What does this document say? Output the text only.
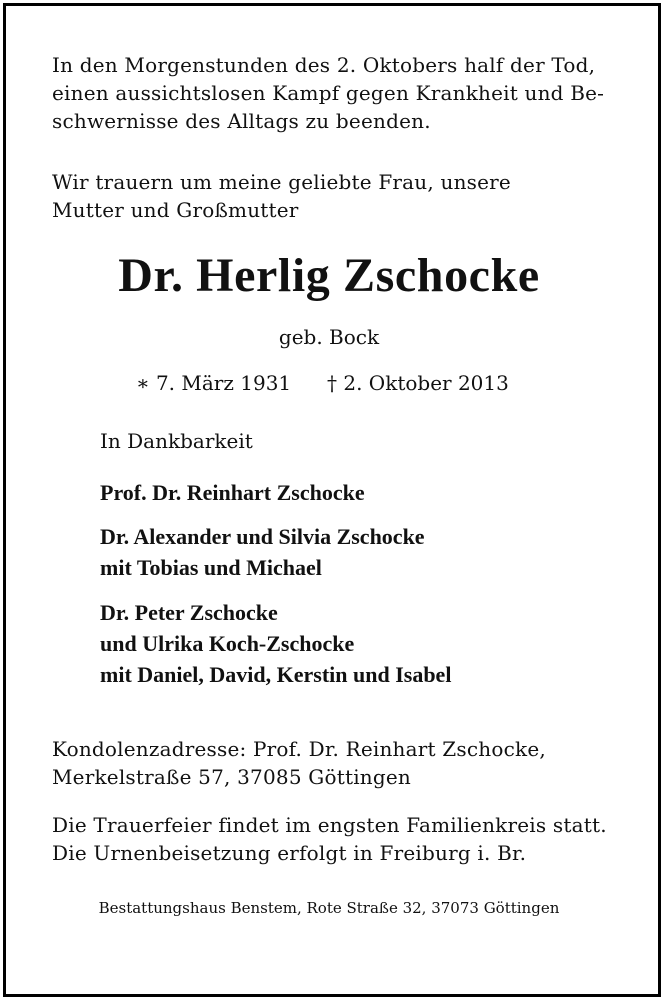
In den Morgenstunden des 2. Oktobers half der Tod,
einen aussichtslosen Kampf gegen Krankheit und Be-
schwernisse des Alltags zu beenden.

Wir trauern um meine geliebte Frau, unsere
Mutter und Großmutter

Dr. Herlig Zschocke

geb. Bock

∗ 7. März 1931 † 2. Oktober 2013

In Dankbarkeit

Prof. Dr. Reinhart Zschocke

Dr. Alexander und Silvia Zschocke
mit Tobias und Michael

Dr. Peter Zschocke
und Ulrika Koch-Zschocke
mit Daniel, David, Kerstin und Isabel

Kondolenzadresse: Prof. Dr. Reinhart Zschocke,
Merkelstraße 57, 37085 Göttingen

Die Trauerfeier findet im engsten Familienkreis statt.
Die Urnenbeisetzung erfolgt in Freiburg i. Br.

Bestattungshaus Benstem, Rote Straße 32, 37073 Göttingen
